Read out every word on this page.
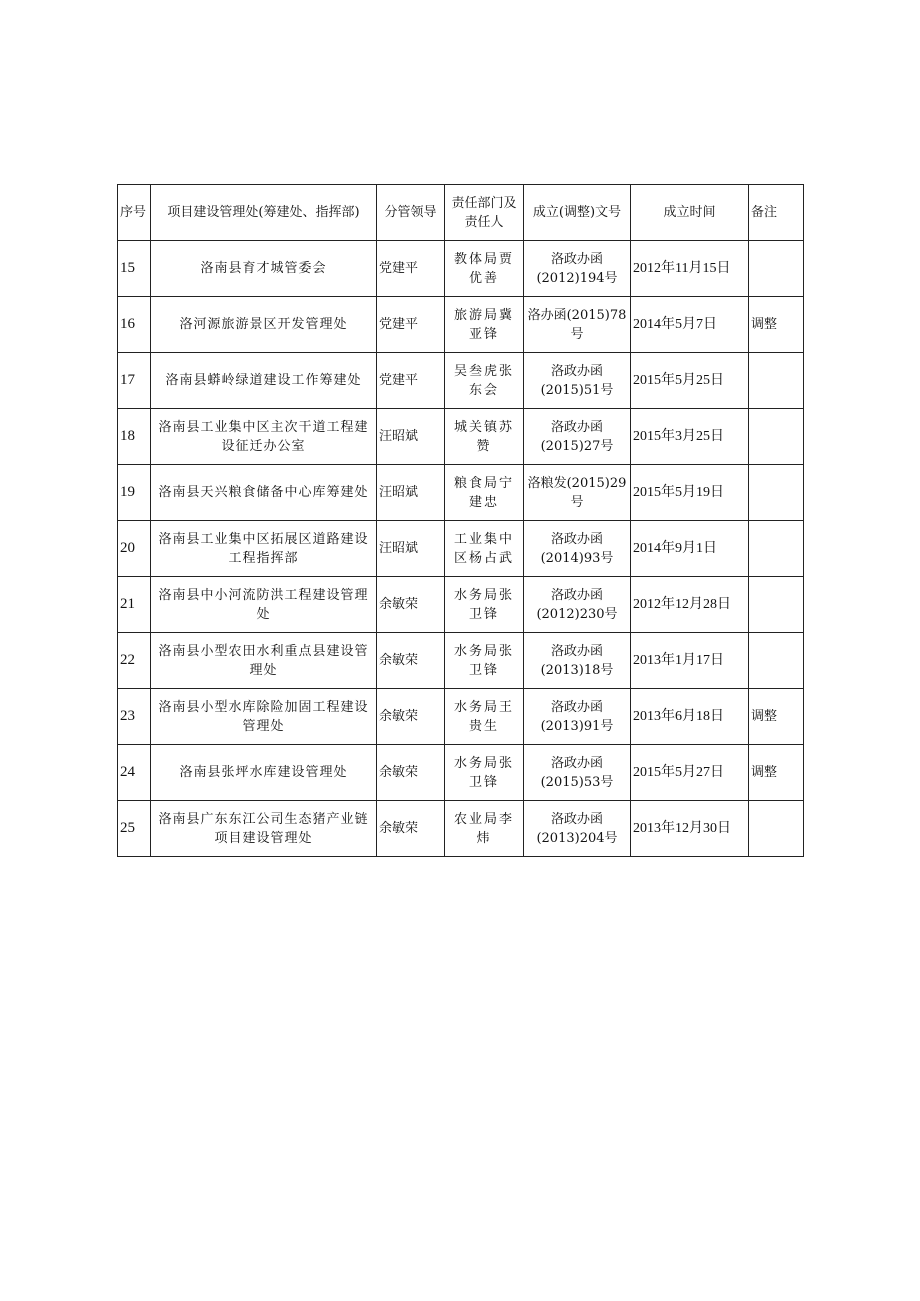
序号	项目建设管理处(筹建处、指挥部)	分管领导	责任部门及责任人	成立(调整)文号	成立时间	备注
15	洛南县育才城管委会	党建平	教体局贾优善	洛政办函(2012)194号	2012年11月15日	
16	洛河源旅游景区开发管理处	党建平	旅游局冀亚锋	洛办函(2015)78号	2014年5月7日	调整
17	洛南县蟒岭绿道建设工作筹建处	党建平	吴叁虎张东会	洛政办函(2015)51号	2015年5月25日	
18	洛南县工业集中区主次干道工程建设征迁办公室	汪昭斌	城关镇苏赞	洛政办函(2015)27号	2015年3月25日	
19	洛南县天兴粮食储备中心库筹建处	汪昭斌	粮食局宁建忠	洛粮发(2015)29号	2015年5月19日	
20	洛南县工业集中区拓展区道路建设工程指挥部	汪昭斌	工业集中区杨占武	洛政办函(2014)93号	2014年9月1日	
21	洛南县中小河流防洪工程建设管理处	余敏荣	水务局张卫锋	洛政办函(2012)230号	2012年12月28日	
22	洛南县小型农田水利重点县建设管理处	余敏荣	水务局张卫锋	洛政办函(2013)18号	2013年1月17日	
23	洛南县小型水库除险加固工程建设管理处	余敏荣	水务局王贵生	洛政办函(2013)91号	2013年6月18日	调整
24	洛南县张坪水库建设管理处	余敏荣	水务局张卫锋	洛政办函(2015)53号	2015年5月27日	调整
25	洛南县广东东江公司生态猪产业链项目建设管理处	余敏荣	农业局李炜	洛政办函(2013)204号	2013年12月30日	
